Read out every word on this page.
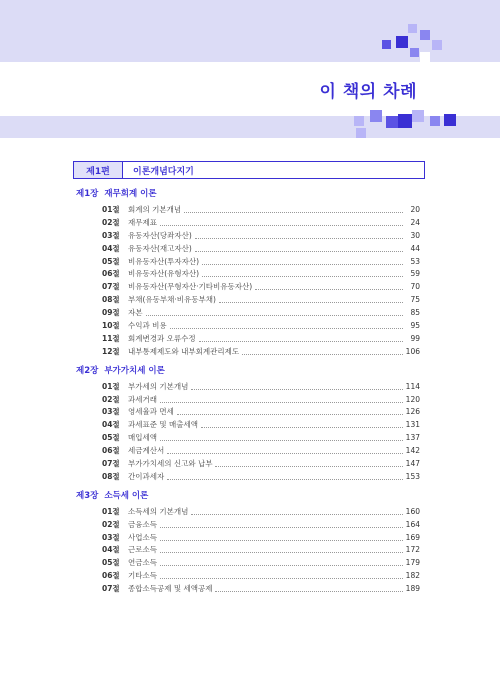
이 책의 차례
제1편	이론개념다지기
제1장 재무회계 이론
01절	회계의 기본개념	20
02절	재무제표	24
03절	유동자산(당좌자산)	30
04절	유동자산(재고자산)	44
05절	비유동자산(투자자산)	53
06절	비유동자산(유형자산)	59
07절	비유동자산(무형자산·기타비유동자산)	70
08절	부채(유동부채·비유동부채)	75
09절	자본	85
10절	수익과 비용	95
11절	회계변경과 오류수정	99
12절	내부통제제도와 내부회계관리제도	106
제2장 부가가치세 이론
01절	부가세의 기본개념	114
02절	과세거래	120
03절	영세율과 면세	126
04절	과세표준 및 매출세액	131
05절	매입세액	137
06절	세금계산서	142
07절	부가가치세의 신고와 납부	147
08절	간이과세자	153
제3장 소득세 이론
01절	소득세의 기본개념	160
02절	금융소득	164
03절	사업소득	169
04절	근로소득	172
05절	연금소득	179
06절	기타소득	182
07절	종합소득공제 및 세액공제	189
